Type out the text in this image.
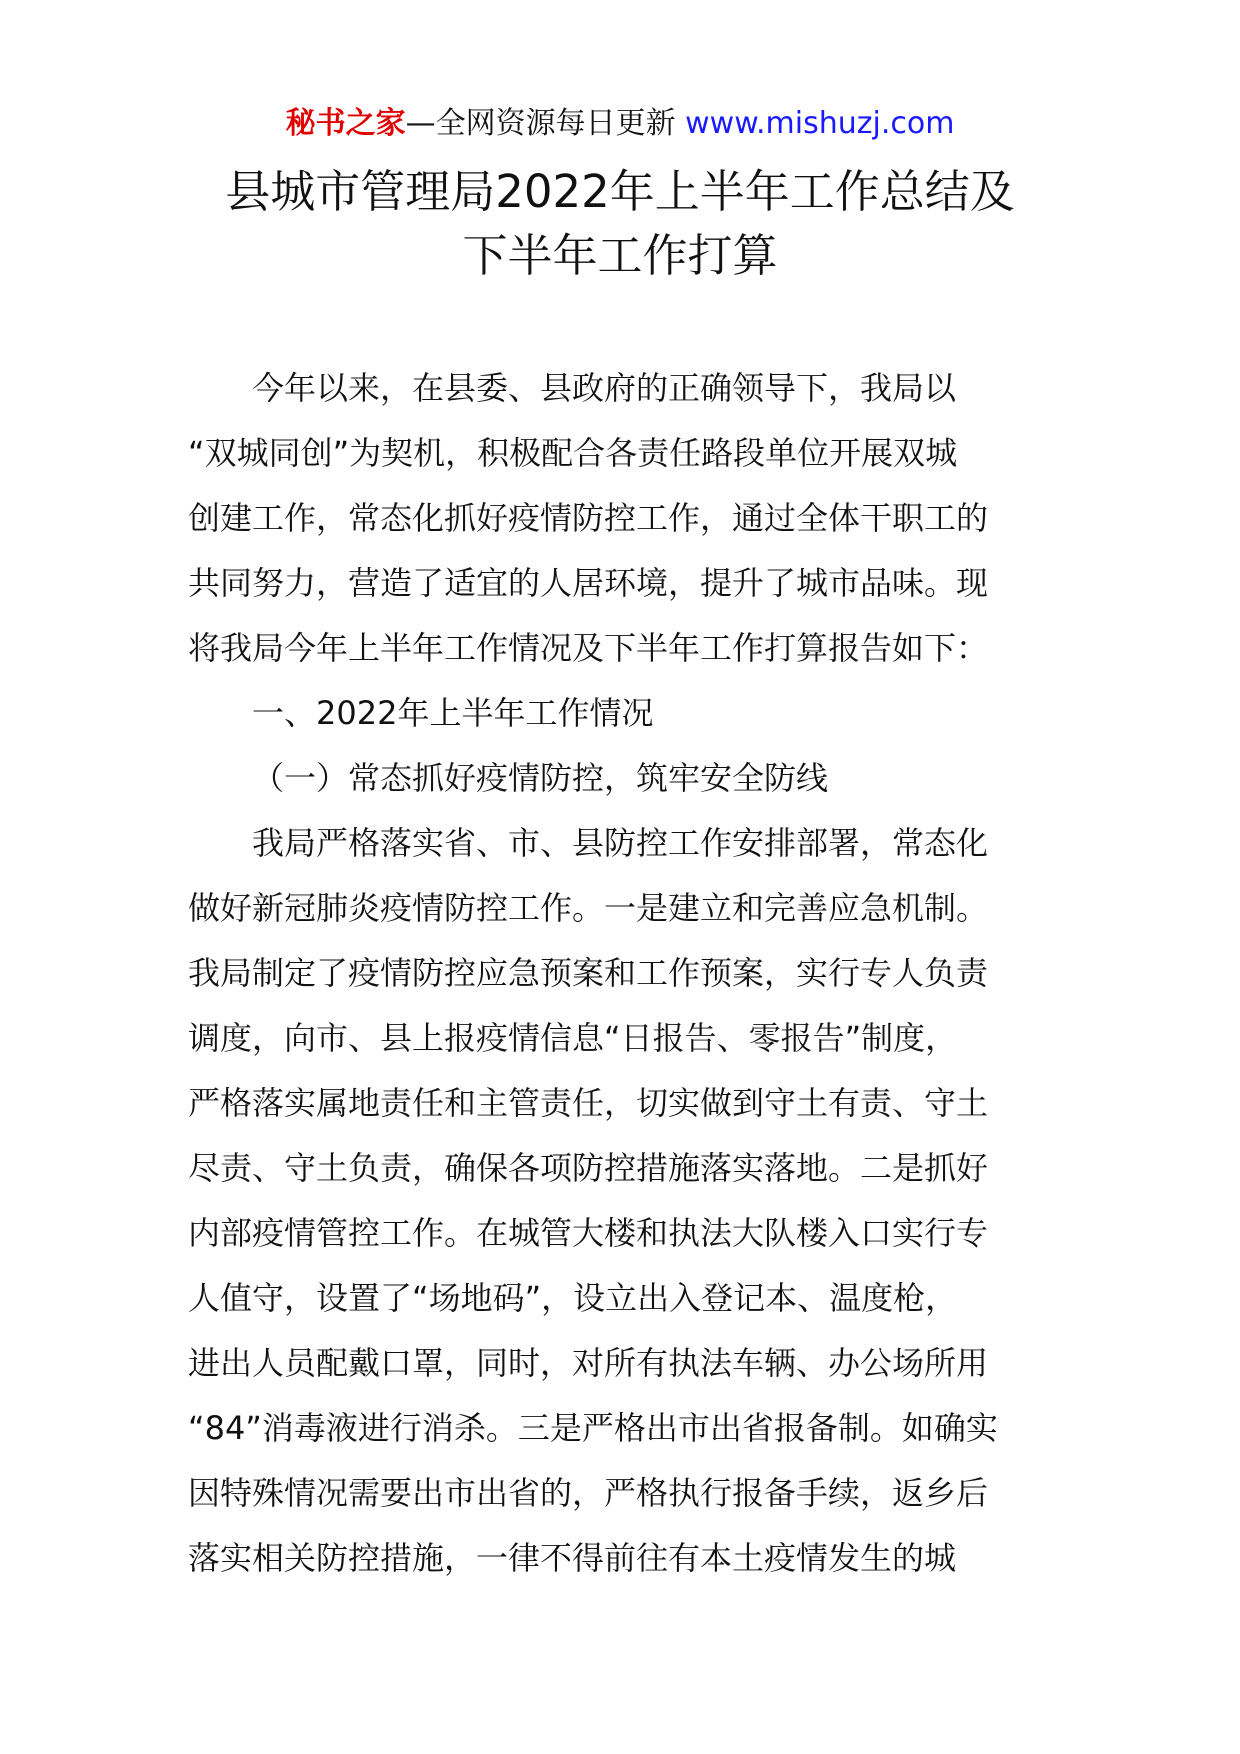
秘书之家—全网资源每日更新 www.mishuzj.com
县城市管理局2022年上半年工作总结及
下半年工作打算
今年以来，在县委、县政府的正确领导下，我局以
“双城同创”为契机，积极配合各责任路段单位开展双城
创建工作，常态化抓好疫情防控工作，通过全体干职工的
共同努力，营造了适宜的人居环境，提升了城市品味。现
将我局今年上半年工作情况及下半年工作打算报告如下：
一、2022年上半年工作情况
（一）常态抓好疫情防控，筑牢安全防线
我局严格落实省、市、县防控工作安排部署，常态化
做好新冠肺炎疫情防控工作。一是建立和完善应急机制。
我局制定了疫情防控应急预案和工作预案，实行专人负责
调度，向市、县上报疫情信息“日报告、零报告”制度，
严格落实属地责任和主管责任，切实做到守土有责、守土
尽责、守土负责，确保各项防控措施落实落地。二是抓好
内部疫情管控工作。在城管大楼和执法大队楼入口实行专
人值守，设置了“场地码”，设立出入登记本、温度枪，
进出人员配戴口罩，同时，对所有执法车辆、办公场所用
“84”消毒液进行消杀。三是严格出市出省报备制。如确实
因特殊情况需要出市出省的，严格执行报备手续，返乡后
落实相关防控措施，一律不得前往有本土疫情发生的城
